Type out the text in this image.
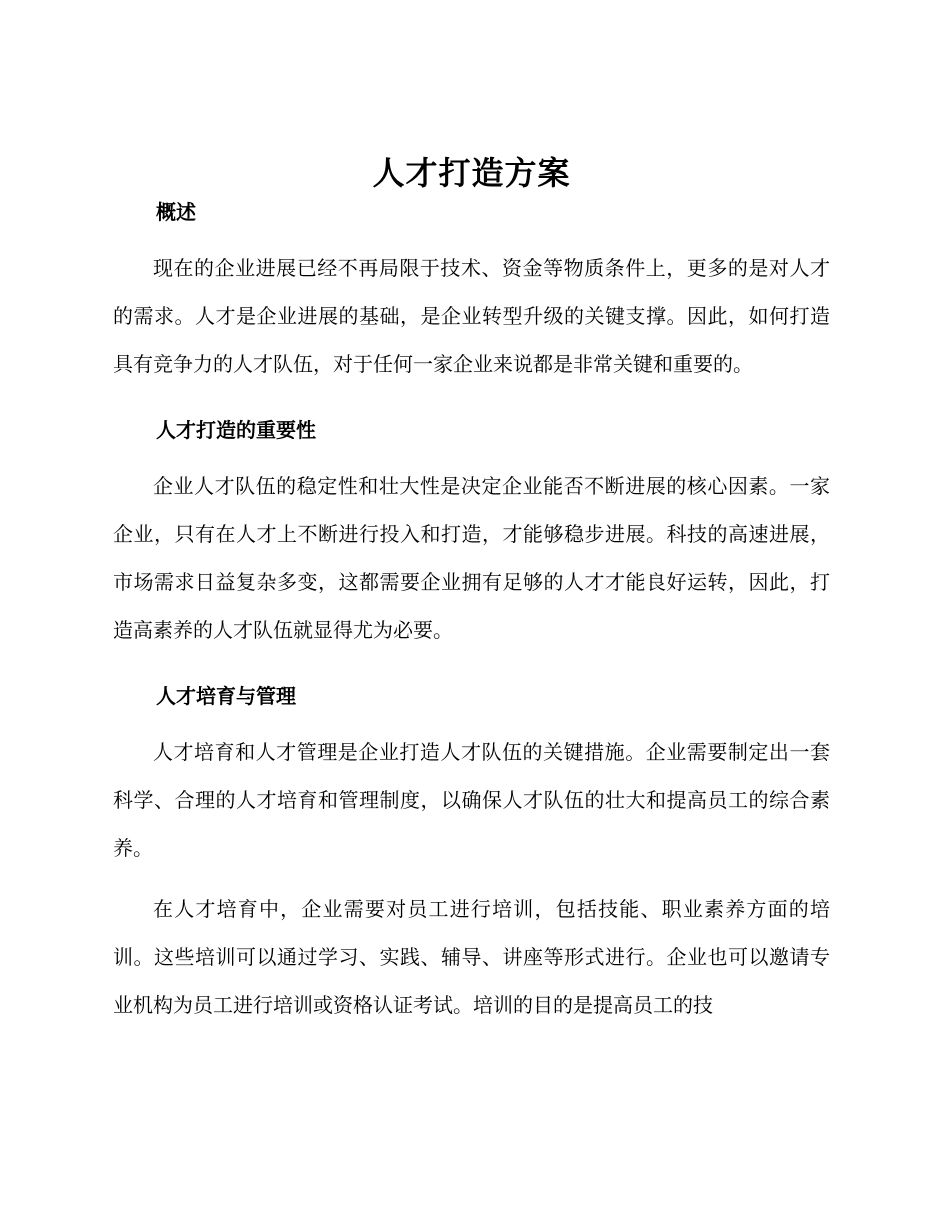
人才打造方案
概述

现在的企业进展已经不再局限于技术、资金等物质条件上，更多的是对人才的需求。人才是企业进展的基础，是企业转型升级的关键支撑。因此，如何打造具有竞争力的人才队伍，对于任何一家企业来说都是非常关键和重要的。

人才打造的重要性

企业人才队伍的稳定性和壮大性是决定企业能否不断进展的核心因素。一家企业，只有在人才上不断进行投入和打造，才能够稳步进展。科技的高速进展，市场需求日益复杂多变，这都需要企业拥有足够的人才才能良好运转，因此，打造高素养的人才队伍就显得尤为必要。

人才培育与管理

人才培育和人才管理是企业打造人才队伍的关键措施。企业需要制定出一套科学、合理的人才培育和管理制度，以确保人才队伍的壮大和提高员工的综合素养。

在人才培育中，企业需要对员工进行培训，包括技能、职业素养方面的培训。这些培训可以通过学习、实践、辅导、讲座等形式进行。企业也可以邀请专业机构为员工进行培训或资格认证考试。培训的目的是提高员工的技
